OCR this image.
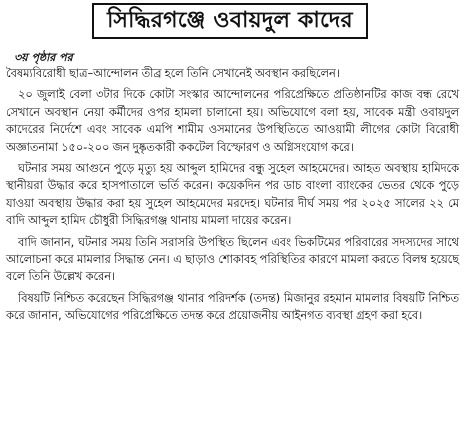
সিদ্ধিরগঞ্জে ওবায়দুল কাদের
৩য় পৃষ্ঠার পর

বৈষম্যবিরোধী ছাত্র–আন্দোলন তীব্র হলে তিনি সেখানেই অবস্থান করছিলেন।

২০ জুলাই বেলা ৩টার দিকে কোটা সংস্কার আন্দোলনের পরিপ্রেক্ষিতে প্রতিষ্ঠানটির কাজ বন্ধ রেখে সেখানে অবস্থান নেয়া কর্মীদের ওপর হামলা চালানো হয়। অভিযোগে বলা হয়, সাবেক মন্ত্রী ওবায়দুল কাদেরের নির্দেশে এবং সাবেক এমপি শামীম ওসমানের উপস্থিতিতে আওয়ামী লীগের কোটা বিরোধী অজ্ঞাতনামা ১৫০-২০০ জন দুষ্কৃতকারী ককটেল বিস্ফোরণ ও অগ্নিসংযোগ করে।

ঘটনার সময় আগুনে পুড়ে মৃত্যু হয় আব্দুল হামিদের বন্ধু সুহেল আহমেদের। আহত অবস্থায় হামিদকে স্থানীয়রা উদ্ধার করে হাসপাতালে ভর্তি করেন। কয়েকদিন পর ডাচ বাংলা ব্যাংকের ভেতর থেকে পুড়ে যাওয়া অবস্থায় উদ্ধার করা হয় সুহেল আহমেদের মরদেহ। ঘটনার দীর্ঘ সময় পর ২০২৫ সালের ২২ মে বাদি আব্দুল হামিদ চৌধুরী সিদ্ধিরগঞ্জ থানায় মামলা দায়ের করেন।

বাদি জানান, ঘটনার সময় তিনি সরাসরি উপস্থিত ছিলেন এবং ভিকটিমের পরিবারের সদস্যদের সাথে আলোচনা করে মামলার সিদ্ধান্ত নেন। এ ছাড়াও শোকাবহ পরিস্থিতির কারণে মামলা করতে বিলম্ব হয়েছে বলে তিনি উল্লেখ করেন।

বিষয়টি নিশ্চিত করেছেন সিদ্ধিরগঞ্জ থানার পরিদর্শক (তদন্ত) মিজানুর রহমান মামলার বিষয়টি নিশ্চিত করে জানান, অভিযোগের পরিপ্রেক্ষিতে তদন্ত করে প্রয়োজনীয় আইনগত ব্যবস্থা গ্রহণ করা হবে।
